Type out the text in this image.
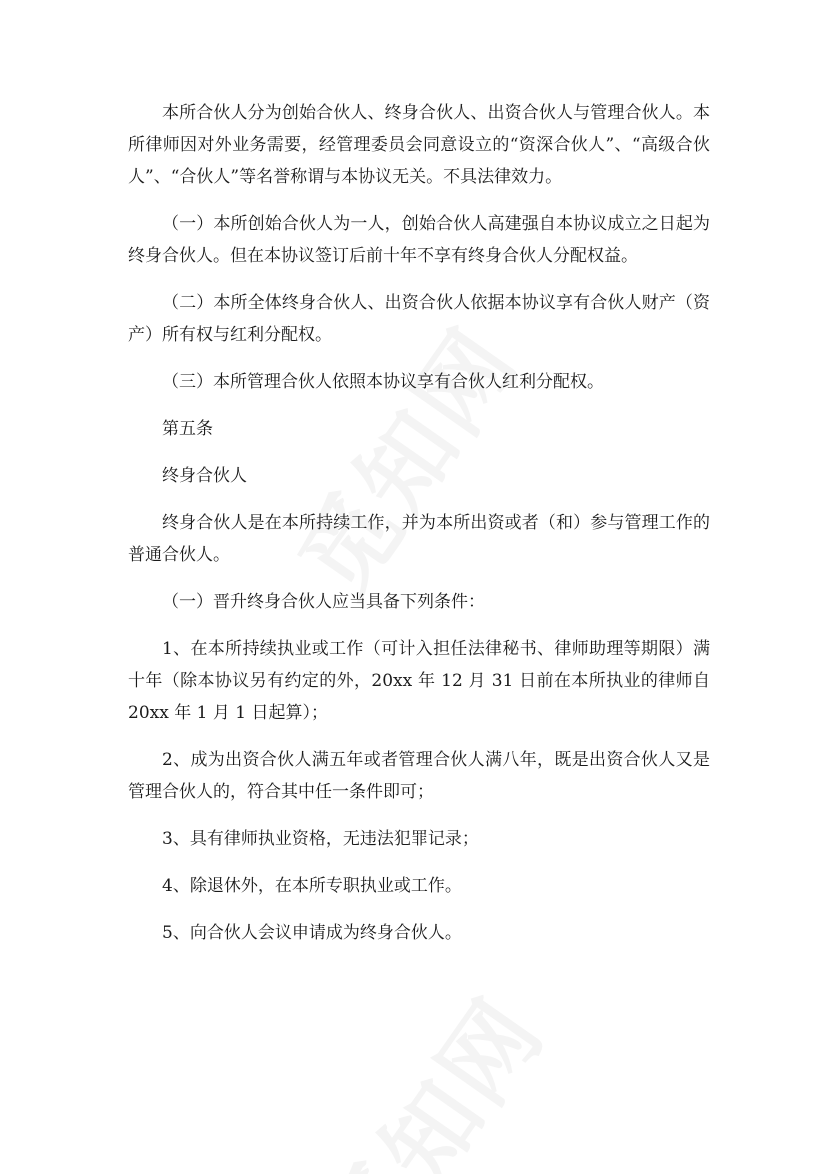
本所合伙人分为创始合伙人、终身合伙人、出资合伙人与管理合伙人。本所律师因对外业务需要，经管理委员会同意设立的“资深合伙人”、“高级合伙人”、“合伙人”等名誉称谓与本协议无关。不具法律效力。

（一）本所创始合伙人为一人，创始合伙人高建强自本协议成立之日起为终身合伙人。但在本协议签订后前十年不享有终身合伙人分配权益。

（二）本所全体终身合伙人、出资合伙人依据本协议享有合伙人财产（资产）所有权与红利分配权。

（三）本所管理合伙人依照本协议享有合伙人红利分配权。

第五条

终身合伙人

终身合伙人是在本所持续工作，并为本所出资或者（和）参与管理工作的普通合伙人。

（一）晋升终身合伙人应当具备下列条件：

1、在本所持续执业或工作（可计入担任法律秘书、律师助理等期限）满十年（除本协议另有约定的外，20xx 年 12 月 31 日前在本所执业的律师自 20xx 年 1 月 1 日起算）；

2、成为出资合伙人满五年或者管理合伙人满八年，既是出资合伙人又是管理合伙人的，符合其中任一条件即可；

3、具有律师执业资格，无违法犯罪记录；

4、除退休外，在本所专职执业或工作。

5、向合伙人会议申请成为终身合伙人。
